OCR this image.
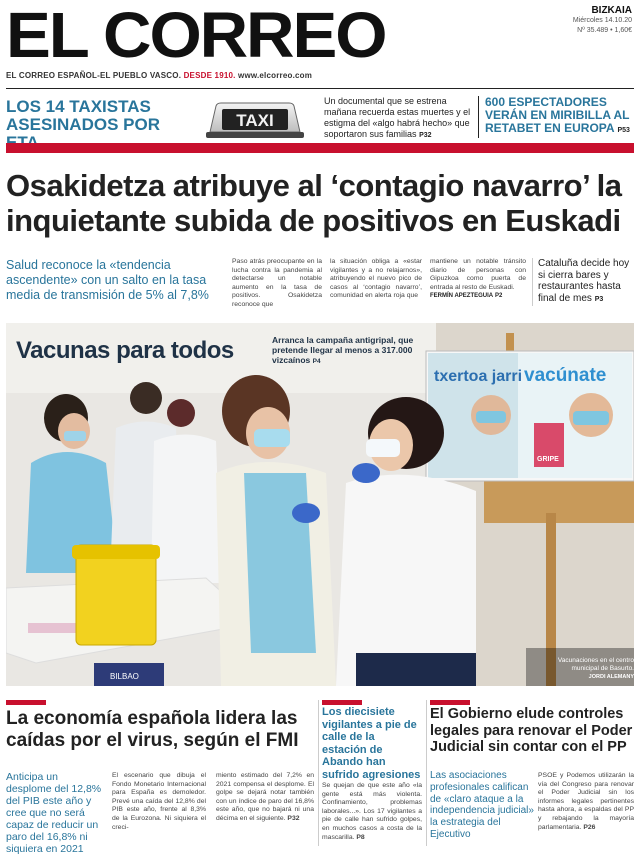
EL CORREO
EL CORREO ESPAÑOL-EL PUEBLO VASCO. DESDE 1910. www.elcorreo.com
BIZKAIA
Miércoles 14.10.20
Nº 35.489 • 1,60€
LOS 14 TAXISTAS ASESINADOS POR	TAXI
Un documental que se estrena mañana recuerda estas muertes y el estigma del «algo habrá hecho» que soportaron sus familias P32
600 ESPECTADORES VERÁN EN MIRIBILLA AL RETABET EN EUROPA P53
Osakidetza atribuye al ‘contagio navarro’ la inquietante subida de positivos en Euskadi
Salud reconoce la «tendencia ascendente» con un salto en la tasa media de transmisión de 5% al 7,8%
Paso atrás preocupante en la lucha contra la pandemia al detectarse un notable aumento en la tasa de positivos. Osakidetza reconoce que
la situación obliga a «estar vigilantes y a no relajarnos», atribuyendo el nuevo pico de casos al ‘contagio navarro’, comunidad en alerta roja que
mantiene un notable tránsito diario de personas con Gipuzkoa como puerta de entrada al resto de Euskadi.
FERMÍN APEZTEGUIA P2
Cataluña decide hoy si cierra bares y restaurantes hasta final de mes P3
txertoa jarri vacúnate
GRIPE
BILBAO
Vacunas para todos	Arranca la campaña antigripal, que pretende llegar al menos a 317.000 vizcaínos P4
Vacunaciones en el centro municipal de Basurto.
JORDI ALEMANY
La economía española lidera las caídas por el virus, según el FMI
Anticipa un desplome del 12,8% del PIB este año y cree que no será capaz de reducir un paro del 16,8% ni siquiera en 2021
El escenario que dibuja el Fondo Monetario Internacional para España es demoledor. Prevé una caída del 12,8% del PIB este año, frente al 8,3% de la Eurozona. Ni siquiera el creci-
miento estimado del 7,2% en 2021 compensa el desplome. El golpe se dejará notar también con un índice de paro del 16,8% este año, que no bajará ni una décima en el siguiente. P32
Los diecisiete vigilantes a pie de calle de la estación de Abando han sufrido agresiones
Se quejan de que este año «la gente está más violenta. Confinamiento, problemas laborales...». Los 17 vigilantes a pie de calle han sufrido golpes, en muchos casos a costa de la mascarilla. P8
El Gobierno elude controles legales para renovar el Poder Judicial sin contar con el PP
Las asociaciones profesionales califican de «claro ataque a la independencia judicial» la estrategia del Ejecutivo
PSOE y Podemos utilizarán la vía del Congreso para renovar el Poder Judicial sin los informes legales pertinentes hasta ahora, a espaldas del PP y rebajando la mayoría parlamentaria. P26
